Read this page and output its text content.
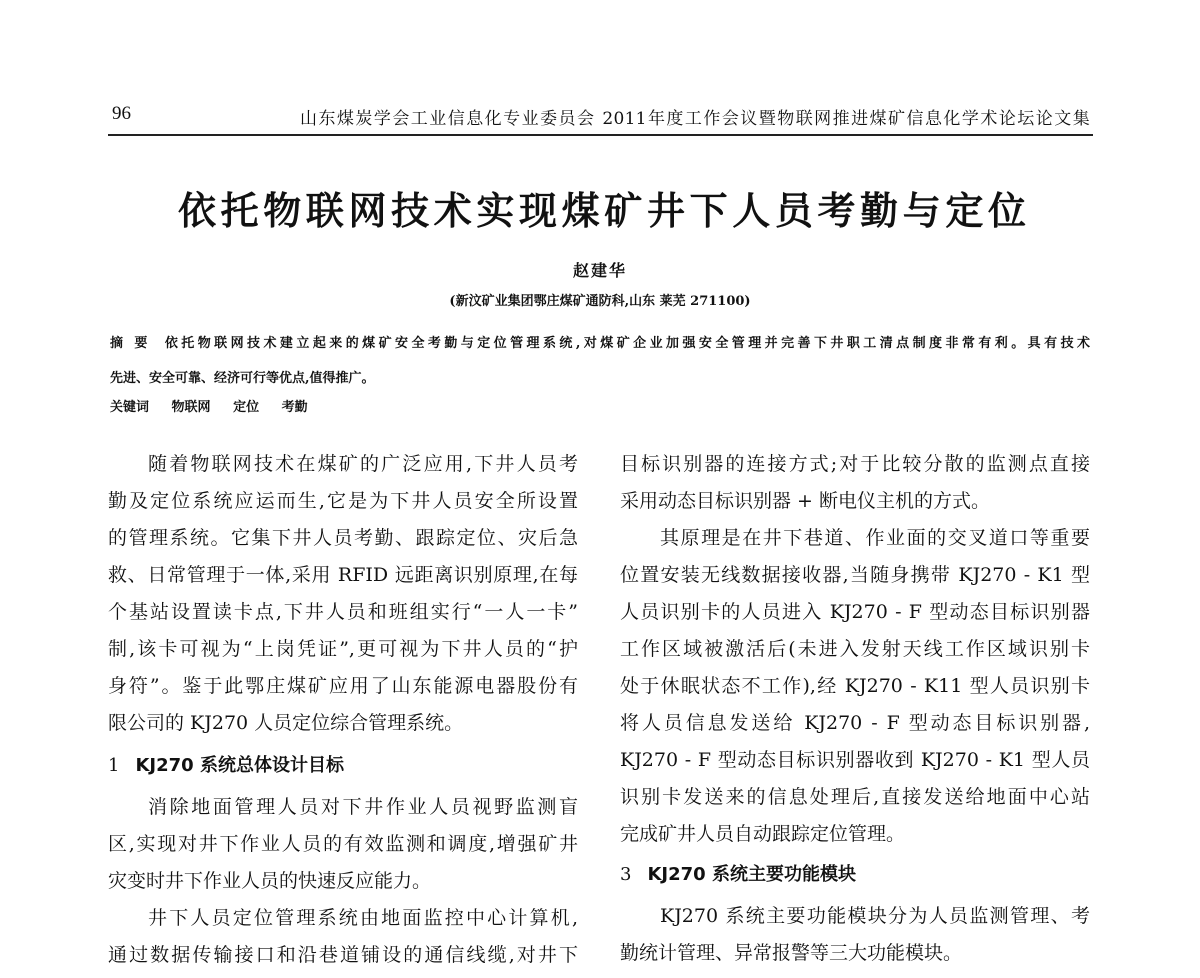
96	山东煤炭学会工业信息化专业委员会 2011年度工作会议暨物联网推进煤矿信息化学术论坛论文集
依托物联网技术实现煤矿井下人员考勤与定位
赵建华
(新汶矿业集团鄂庄煤矿通防科,山东 莱芜 271100)
摘 要 依托物联网技术建立起来的煤矿安全考勤与定位管理系统,对煤矿企业加强安全管理并完善下井职工清点制度非常有利。具有技术
先进、安全可靠、经济可行等优点,值得推广。
关键词 物联网 定位 考勤
随着物联网技术在煤矿的广泛应用,下井人员考
勤及定位系统应运而生,它是为下井人员安全所设置
的管理系统。它集下井人员考勤、跟踪定位、灾后急
救、日常管理于一体,采用 RFID 远距离识别原理,在每
个基站设置读卡点,下井人员和班组实行“一人一卡”
制,该卡可视为“上岗凭证”,更可视为下井人员的“护
身符”。鉴于此鄂庄煤矿应用了山东能源电器股份有
限公司的 KJ270 人员定位综合管理系统。
1 KJ270 系统总体设计目标
消除地面管理人员对下井作业人员视野监测盲
区,实现对井下作业人员的有效监测和调度,增强矿井
灾变时井下作业人员的快速反应能力。
井下人员定位管理系统由地面监控中心计算机,
通过数据传输接口和沿巷道铺设的通信线缆,对井下
目标识别器的连接方式;对于比较分散的监测点直接
采用动态目标识别器 + 断电仪主机的方式。
其原理是在井下巷道、作业面的交叉道口等重要
位置安装无线数据接收器,当随身携带 KJ270 - K1 型
人员识别卡的人员进入 KJ270 - F 型动态目标识别器
工作区域被激活后(未进入发射天线工作区域识别卡
处于休眠状态不工作),经 KJ270 - K11 型人员识别卡
将人员信息发送给 KJ270 - F 型动态目标识别器,
KJ270 - F 型动态目标识别器收到 KJ270 - K1 型人员
识别卡发送来的信息处理后,直接发送给地面中心站
完成矿井人员自动跟踪定位管理。
3 KJ270 系统主要功能模块
KJ270 系统主要功能模块分为人员监测管理、考
勤统计管理、异常报警等三大功能模块。
